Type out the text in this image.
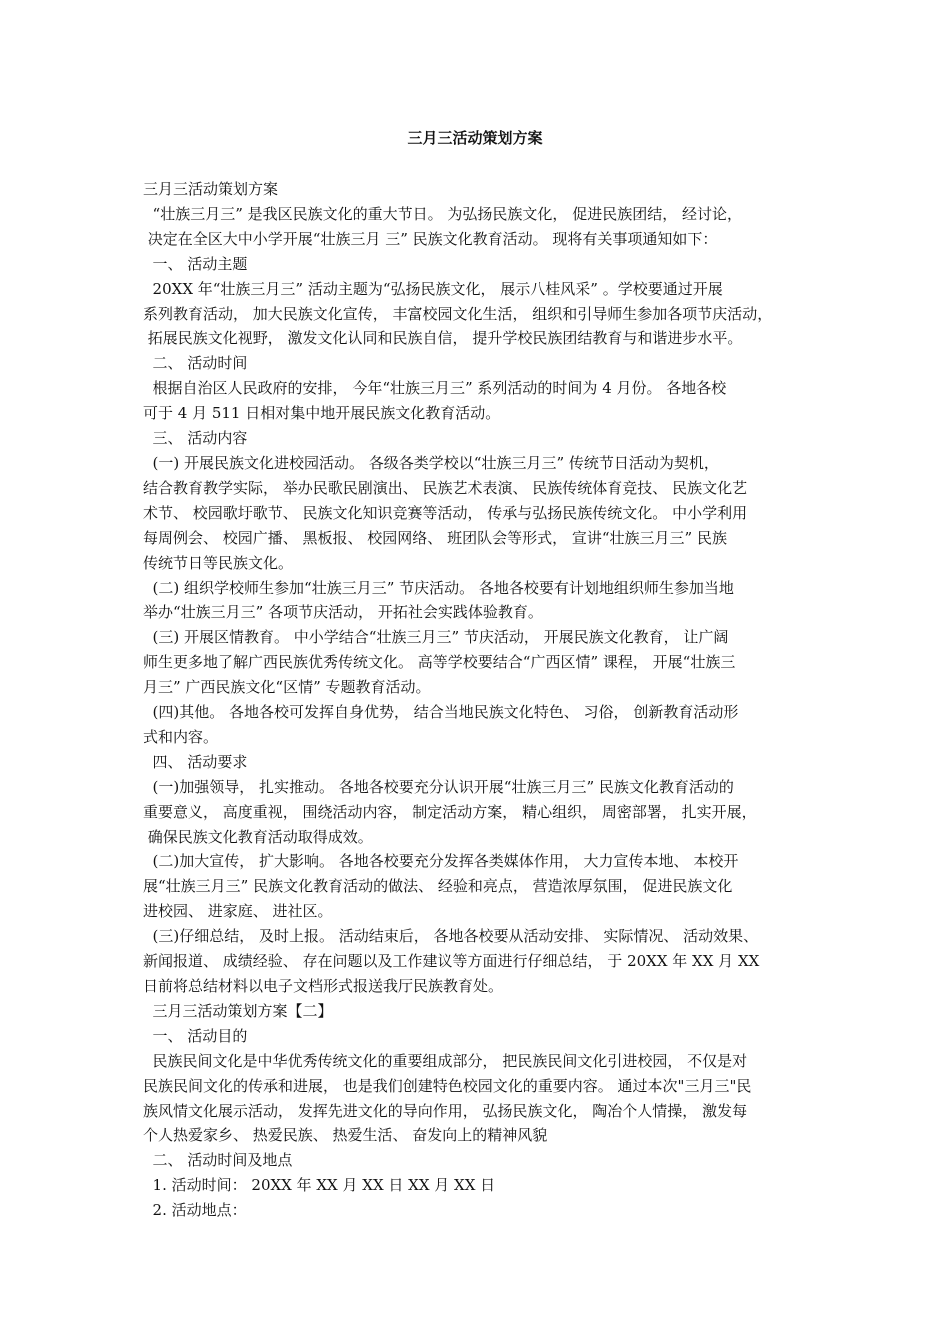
三月三活动策划方案

三月三活动策划方案

“壮族三月三” 是我区民族文化的重大节日。 为弘扬民族文化， 促进民族团结， 经讨论，

决定在全区大中小学开展“壮族三月 三” 民族文化教育活动。 现将有关事项通知如下：

一、 活动主题

20XX 年“壮族三月三” 活动主题为“弘扬民族文化， 展示八桂风采” 。学校要通过开展

系列教育活动， 加大民族文化宣传， 丰富校园文化生活， 组织和引导师生参加各项节庆活动，

拓展民族文化视野， 激发文化认同和民族自信， 提升学校民族团结教育与和谐进步水平。

二、 活动时间

根据自治区人民政府的安排， 今年“壮族三月三” 系列活动的时间为 4 月份。 各地各校

可于 4 月 511 日相对集中地开展民族文化教育活动。

三、 活动内容

(一) 开展民族文化进校园活动。 各级各类学校以“壮族三月三” 传统节日活动为契机，

结合教育教学实际， 举办民歌民剧演出、 民族艺术表演、 民族传统体育竞技、 民族文化艺

术节、 校园歌圩歌节、 民族文化知识竞赛等活动， 传承与弘扬民族传统文化。 中小学利用

每周例会、 校园广播、 黑板报、 校园网络、 班团队会等形式， 宣讲“壮族三月三” 民族

传统节日等民族文化。

(二) 组织学校师生参加“壮族三月三” 节庆活动。 各地各校要有计划地组织师生参加当地

举办“壮族三月三” 各项节庆活动， 开拓社会实践体验教育。

(三) 开展区情教育。 中小学结合“壮族三月三” 节庆活动， 开展民族文化教育， 让广阔

师生更多地了解广西民族优秀传统文化。 高等学校要结合“广西区情” 课程， 开展“壮族三

月三” 广西民族文化“区情” 专题教育活动。

(四)其他。 各地各校可发挥自身优势， 结合当地民族文化特色、 习俗， 创新教育活动形

式和内容。

四、 活动要求

(一)加强领导， 扎实推动。 各地各校要充分认识开展“壮族三月三” 民族文化教育活动的

重要意义， 高度重视， 围绕活动内容， 制定活动方案， 精心组织， 周密部署， 扎实开展，

确保民族文化教育活动取得成效。

(二)加大宣传， 扩大影响。 各地各校要充分发挥各类媒体作用， 大力宣传本地、 本校开

展“壮族三月三” 民族文化教育活动的做法、 经验和亮点， 营造浓厚氛围， 促进民族文化

进校园、 进家庭、 进社区。

(三)仔细总结， 及时上报。 活动结束后， 各地各校要从活动安排、 实际情况、 活动效果、

新闻报道、 成绩经验、 存在问题以及工作建议等方面进行仔细总结， 于 20XX 年 XX 月 XX

日前将总结材料以电子文档形式报送我厅民族教育处。

三月三活动策划方案【二】

一、 活动目的

民族民间文化是中华优秀传统文化的重要组成部分， 把民族民间文化引进校园， 不仅是对

民族民间文化的传承和进展， 也是我们创建特色校园文化的重要内容。 通过本次"三月三"民

族风情文化展示活动， 发挥先进文化的导向作用， 弘扬民族文化， 陶冶个人情操， 激发每

个人热爱家乡、 热爱民族、 热爱生活、 奋发向上的精神风貌

二、 活动时间及地点

1. 活动时间： 20XX 年 XX 月 XX 日 XX 月 XX 日

2. 活动地点：
